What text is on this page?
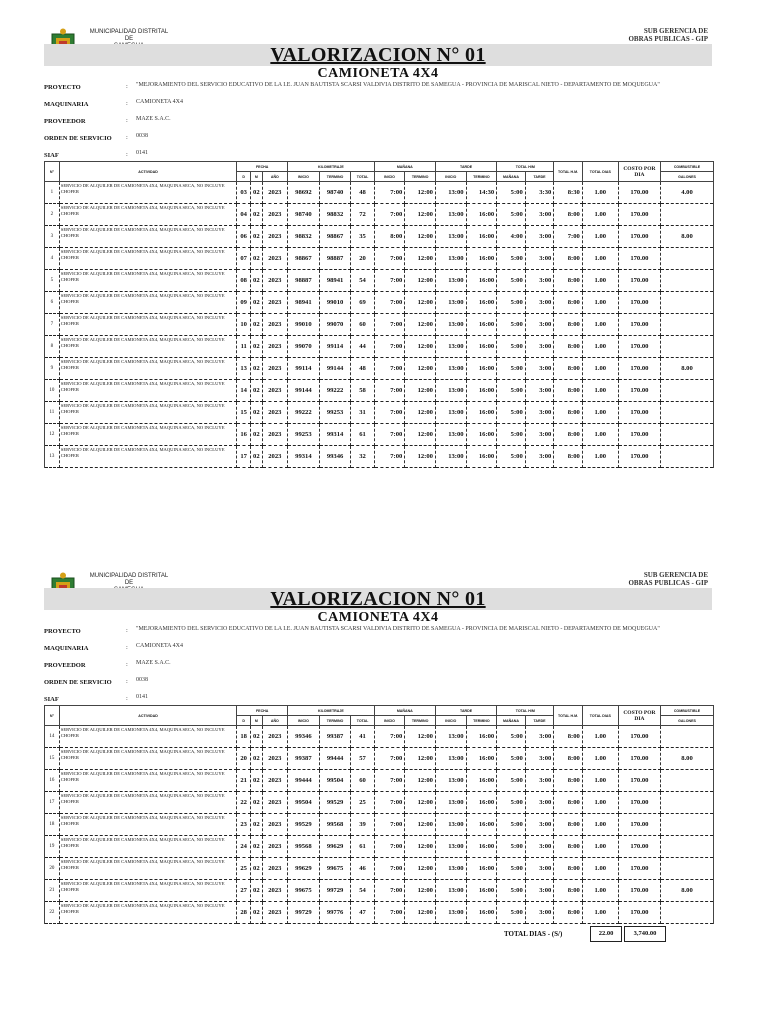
MUNICIPALIDAD DISTRITAL DE
SUB GERENCIA DE
OBRAS PUBLICAS - GIP
VALORIZACION N° 01
CAMIONETA 4X4
PROYECTO	:	"MEJORAMIENTO DEL SERVICIO EDUCATIVO DE LA I.E. JUAN BAUTISTA SCARSI VALDIVIA DISTRITO DE SAMEGUA - PROVINCIA DE MARISCAL NIETO - DEPARTAMENTO DE MOQUEGUA"
MAQUINARIA	:	CAMIONETA 4X4
PROVEEDOR	:	MAZE S.A.C.
ORDEN DE SERVICIO	:	0038
SIAF	:	0141
N°	ACTIVIDAD	FECHA			KILOMETRAJE			MAÑANA		TARDE		TOTAL H/M		TOTAL H.M.	TOTAL DIAS	COSTO POR DIA	COMBUSTIBLE
		D	M	AÑO	INICIO	TERMINO	TOTAL	INICIO	TERMINO	INICIO	TERMINO	MAÑANA	TARDE				GALONES
1	SERVICIO DE ALQUILER DE CAMIONETA 4X4, MAQUINA SECA, NO INCLUYE CHOFER	03	02	2023	98692	98740	48	7:00	12:00	13:00	14:30	5:00	3:30	8:30	1.00	170.00	4.00
2	SERVICIO DE ALQUILER DE CAMIONETA 4X4, MAQUINA SECA, NO INCLUYE CHOFER	04	02	2023	98740	98832	72	7:00	12:00	13:00	16:00	5:00	3:00	8:00	1.00	170.00	
3	SERVICIO DE ALQUILER DE CAMIONETA 4X4, MAQUINA SECA, NO INCLUYE CHOFER	06	02	2023	98832	98867	35	8:00	12:00	13:00	16:00	4:00	3:00	7:00	1.00	170.00	8.00
4	SERVICIO DE ALQUILER DE CAMIONETA 4X4, MAQUINA SECA, NO INCLUYE CHOFER	07	02	2023	98867	98887	20	7:00	12:00	13:00	16:00	5:00	3:00	8:00	1.00	170.00	
5	SERVICIO DE ALQUILER DE CAMIONETA 4X4, MAQUINA SECA, NO INCLUYE CHOFER	08	02	2023	98887	98941	54	7:00	12:00	13:00	16:00	5:00	3:00	8:00	1.00	170.00	
6	SERVICIO DE ALQUILER DE CAMIONETA 4X4, MAQUINA SECA, NO INCLUYE CHOFER	09	02	2023	98941	99010	69	7:00	12:00	13:00	16:00	5:00	3:00	8:00	1.00	170.00	
7	SERVICIO DE ALQUILER DE CAMIONETA 4X4, MAQUINA SECA, NO INCLUYE CHOFER	10	02	2023	99010	99070	60	7:00	12:00	13:00	16:00	5:00	3:00	8:00	1.00	170.00	
8	SERVICIO DE ALQUILER DE CAMIONETA 4X4, MAQUINA SECA, NO INCLUYE CHOFER	11	02	2023	99070	99114	44	7:00	12:00	13:00	16:00	5:00	3:00	8:00	1.00	170.00	
9	SERVICIO DE ALQUILER DE CAMIONETA 4X4, MAQUINA SECA, NO INCLUYE CHOFER	13	02	2023	99114	99144	48	7:00	12:00	13:00	16:00	5:00	3:00	8:00	1.00	170.00	8.00
10	SERVICIO DE ALQUILER DE CAMIONETA 4X4, MAQUINA SECA, NO INCLUYE CHOFER	14	02	2023	99144	99222	58	7:00	12:00	13:00	16:00	5:00	3:00	8:00	1.00	170.00	
11	SERVICIO DE ALQUILER DE CAMIONETA 4X4, MAQUINA SECA, NO INCLUYE CHOFER	15	02	2023	99222	99253	31	7:00	12:00	13:00	16:00	5:00	3:00	8:00	1.00	170.00	
12	SERVICIO DE ALQUILER DE CAMIONETA 4X4, MAQUINA SECA, NO INCLUYE CHOFER	16	02	2023	99253	99314	61	7:00	12:00	13:00	16:00	5:00	3:00	8:00	1.00	170.00	
13	SERVICIO DE ALQUILER DE CAMIONETA 4X4, MAQUINA SECA, NO INCLUYE CHOFER	17	02	2023	99314	99346	32	7:00	12:00	13:00	16:00	5:00	3:00	8:00	1.00	170.00	
MUNICIPALIDAD DISTRITAL DE
SUB GERENCIA DE
OBRAS PUBLICAS - GIP
VALORIZACION N° 01
CAMIONETA 4X4
PROYECTO	:	"MEJORAMIENTO DEL SERVICIO EDUCATIVO DE LA I.E. JUAN BAUTISTA SCARSI VALDIVIA DISTRITO DE SAMEGUA - PROVINCIA DE MARISCAL NIETO - DEPARTAMENTO DE MOQUEGUA"
MAQUINARIA	:	CAMIONETA 4X4
PROVEEDOR	:	MAZE S.A.C.
ORDEN DE SERVICIO	:	0038
SIAF	:	0141
N°	ACTIVIDAD	FECHA			KILOMETRAJE			MAÑANA		TARDE		TOTAL H/M		TOTAL H.M.	TOTAL DIAS	COSTO POR DIA	COMBUSTIBLE
		D	M	AÑO	INICIO	TERMINO	TOTAL	INICIO	TERMINO	INICIO	TERMINO	MAÑANA	TARDE				GALONES
14	SERVICIO DE ALQUILER DE CAMIONETA 4X4, MAQUINA SECA, NO INCLUYE CHOFER	18	02	2023	99346	99387	41	7:00	12:00	13:00	16:00	5:00	3:00	8:00	1.00	170.00	
15	SERVICIO DE ALQUILER DE CAMIONETA 4X4, MAQUINA SECA, NO INCLUYE CHOFER	20	02	2023	99387	99444	57	7:00	12:00	13:00	16:00	5:00	3:00	8:00	1.00	170.00	8.00
16	SERVICIO DE ALQUILER DE CAMIONETA 4X4, MAQUINA SECA, NO INCLUYE CHOFER	21	02	2023	99444	99504	60	7:00	12:00	13:00	16:00	5:00	3:00	8:00	1.00	170.00	
17	SERVICIO DE ALQUILER DE CAMIONETA 4X4, MAQUINA SECA, NO INCLUYE CHOFER	22	02	2023	99504	99529	25	7:00	12:00	13:00	16:00	5:00	3:00	8:00	1.00	170.00	
18	SERVICIO DE ALQUILER DE CAMIONETA 4X4, MAQUINA SECA, NO INCLUYE CHOFER	23	02	2023	99529	99568	39	7:00	12:00	13:00	16:00	5:00	3:00	8:00	1.00	170.00	
19	SERVICIO DE ALQUILER DE CAMIONETA 4X4, MAQUINA SECA, NO INCLUYE CHOFER	24	02	2023	99568	99629	61	7:00	12:00	13:00	16:00	5:00	3:00	8:00	1.00	170.00	
20	SERVICIO DE ALQUILER DE CAMIONETA 4X4, MAQUINA SECA, NO INCLUYE CHOFER	25	02	2023	99629	99675	46	7:00	12:00	13:00	16:00	5:00	3:00	8:00	1.00	170.00	
21	SERVICIO DE ALQUILER DE CAMIONETA 4X4, MAQUINA SECA, NO INCLUYE CHOFER	27	02	2023	99675	99729	54	7:00	12:00	13:00	16:00	5:00	3:00	8:00	1.00	170.00	8.00
22	SERVICIO DE ALQUILER DE CAMIONETA 4X4, MAQUINA SECA, NO INCLUYE CHOFER	28	02	2023	99729	99776	47	7:00	12:00	13:00	16:00	5:00	3:00	8:00	1.00	170.00	
TOTAL DIAS - (S/)	22.00	3,740.00
